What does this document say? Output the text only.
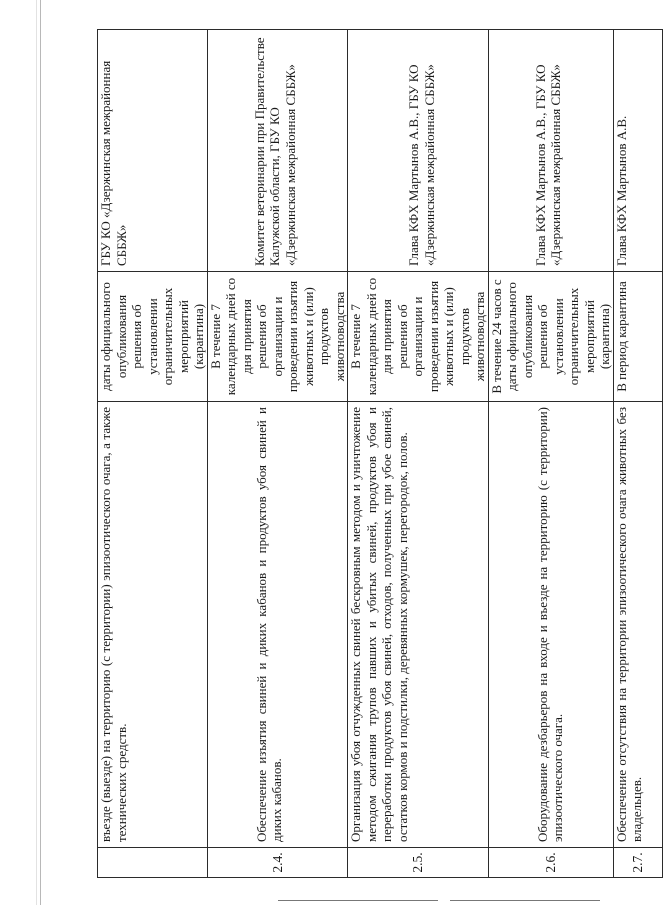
	въезде (выезде) на территорию (с территории) эпизоотического очага, а также технических средств.	даты официального опубликования решения об установлении ограничительных мероприятий (карантина)	ГБУ КО «Дзержинская межрайонная СББЖ»
2.4.	Обеспечение изъятия свиней и диких кабанов и продуктов убоя свиней и диких кабанов.	В течение 7 календарных дней со дня принятия решения об организации и проведении изъятия животных и (или) продуктов животноводства	Комитет ветеринарии при Правительстве Калужской области, ГБУ КО «Дзержинская межрайонная СББЖ»
2.5.	Организация убоя отчужденных свиней бескровным методом и уничтожение методом сжигания трупов павших и убитых свиней, продуктов убоя и переработки продуктов убоя свиней, отходов, полученных при убое свиней, остатков кормов и подстилки, деревянных кормушек, перегородок, полов.	В течение 7 календарных дней со дня принятия решения об организации и проведении изъятия животных и (или) продуктов животноводства	Глава КФХ Мартынов А.В., ГБУ КО «Дзержинская межрайонная СББЖ»
2.6.	Оборудование дезбарьеров на входе и въезде на территорию (с территории) эпизоотического очага.	В течение 24 часов с даты официального опубликования решения об установлении ограничительных мероприятий (карантина)	Глава КФХ Мартынов А.В., ГБУ КО «Дзержинская межрайонная СББЖ»
2.7.	Обеспечение отсутствия на территории эпизоотического очага животных без владельцев.	В период карантина	Глава КФХ Мартынов А.В.
